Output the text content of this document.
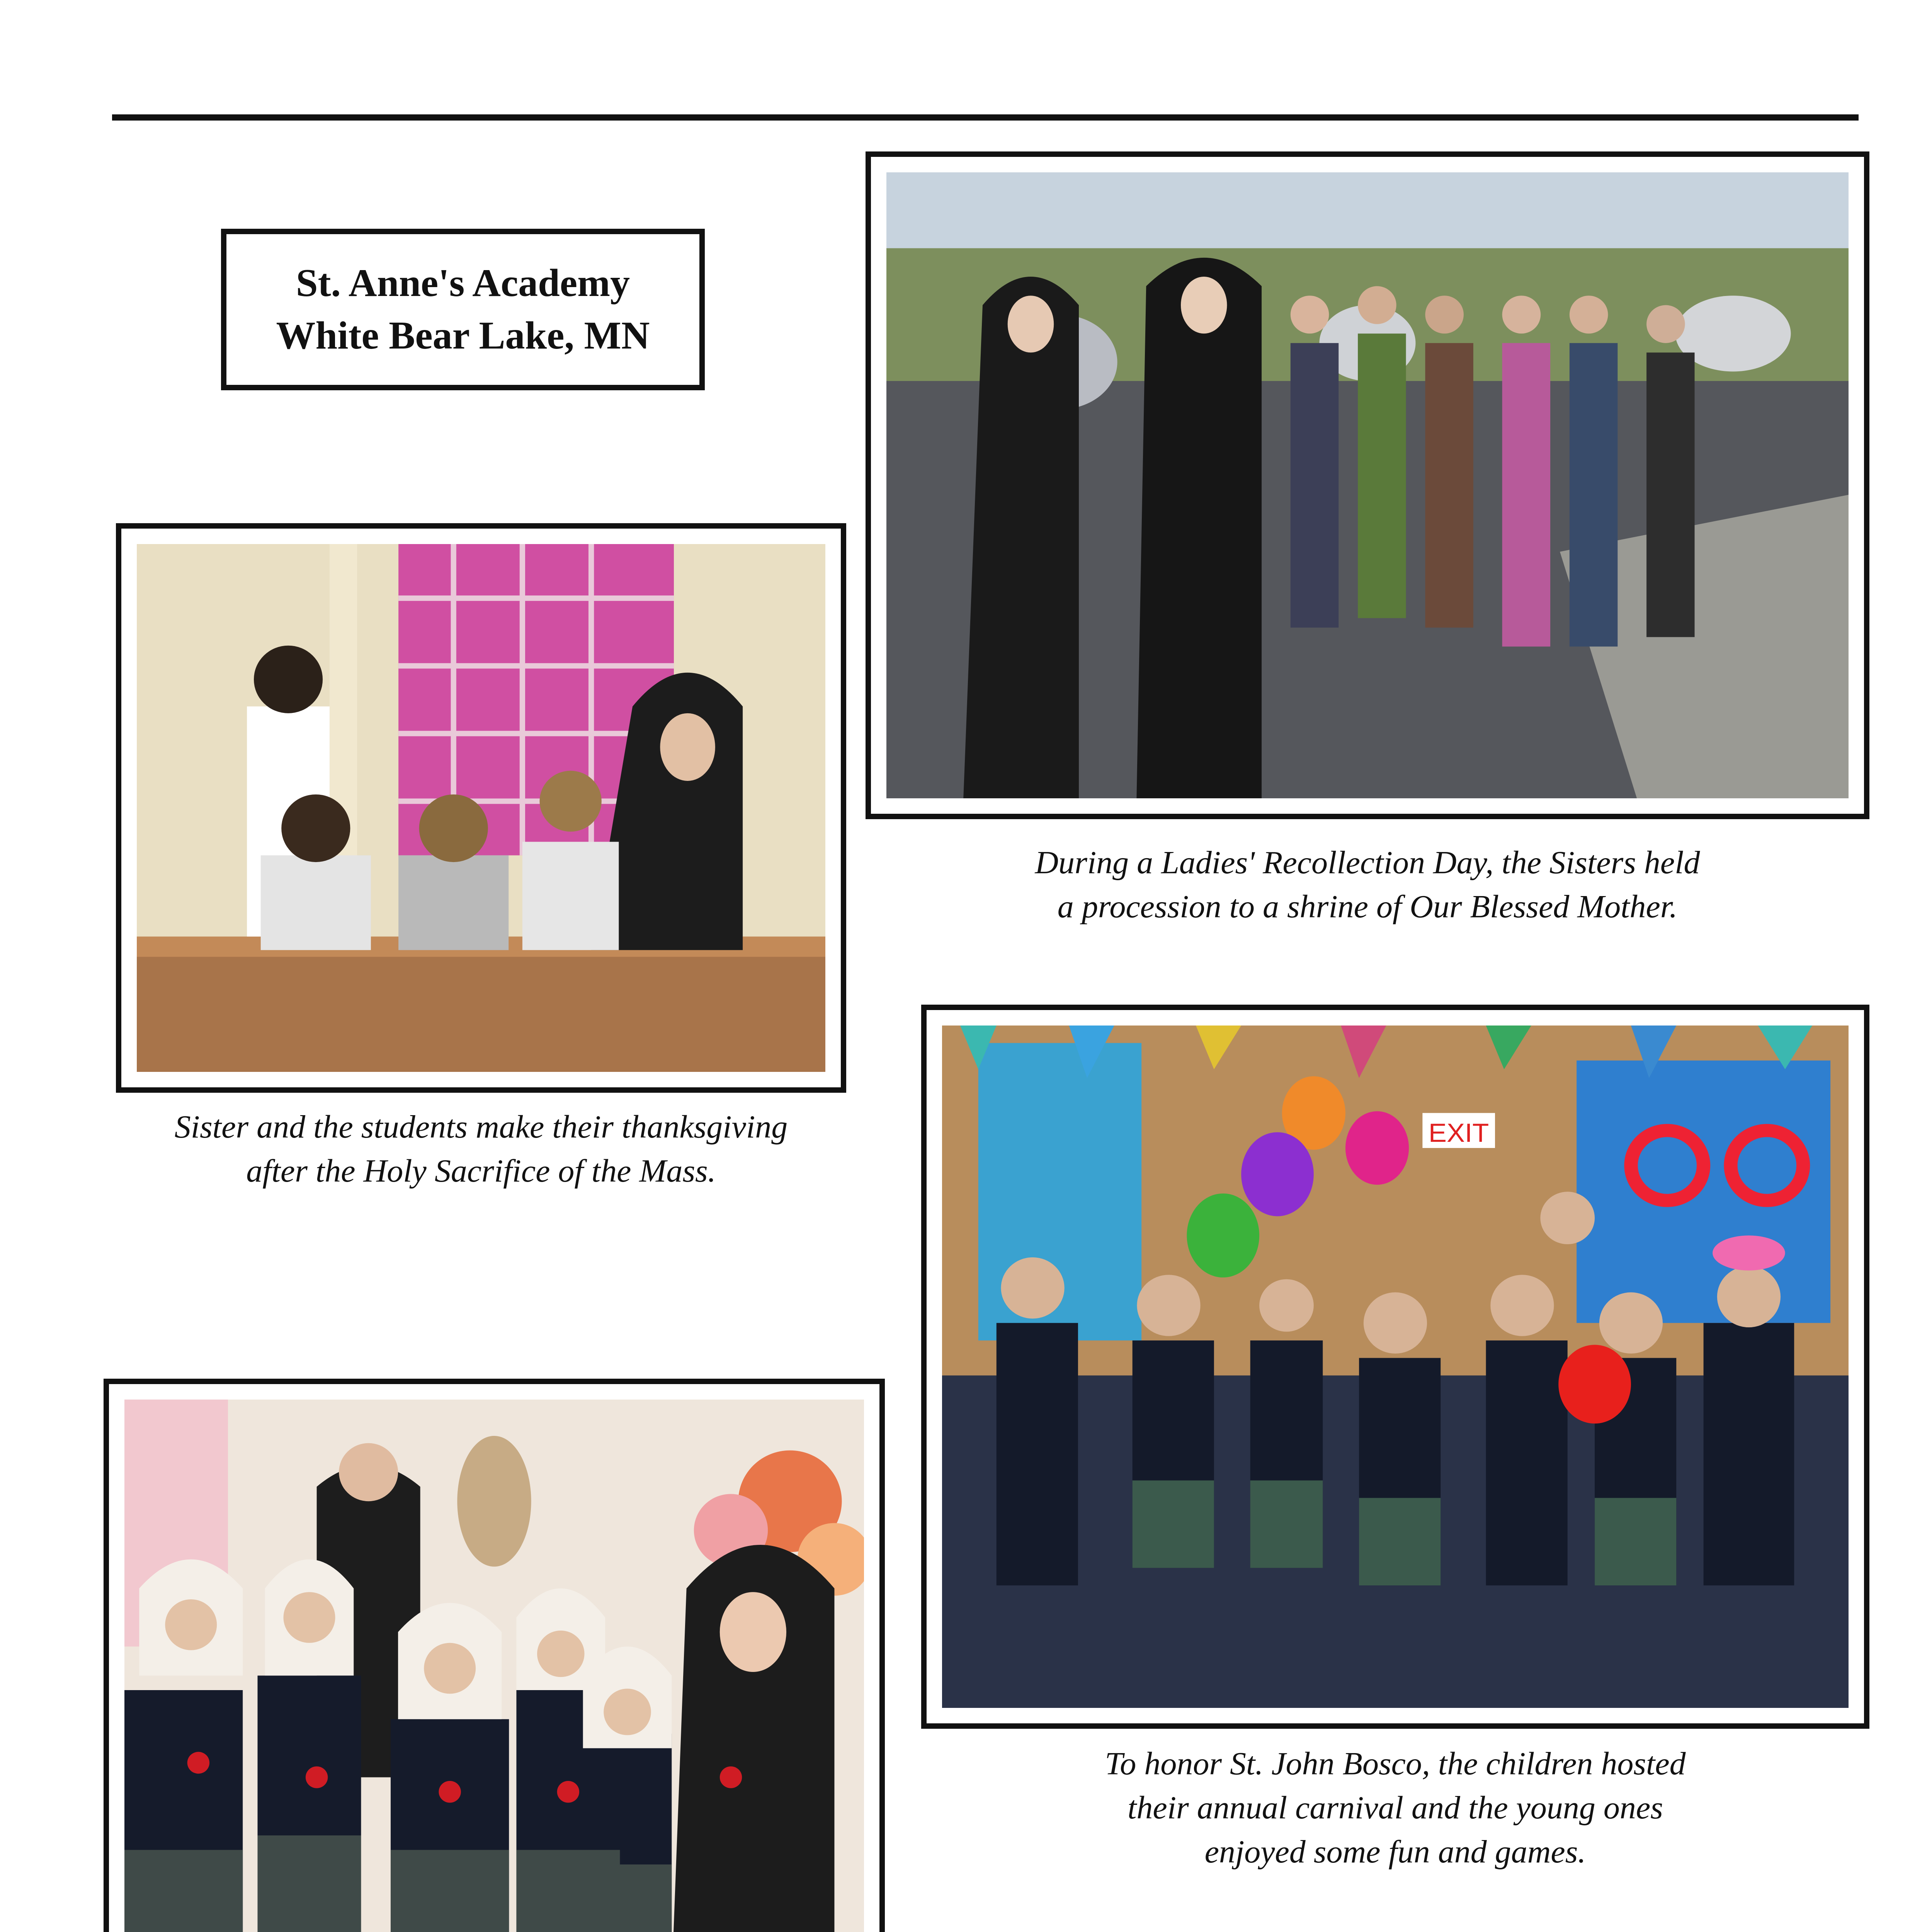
St. Anne's Academy
White Bear Lake, MN
During a Ladies' Recollection Day, the Sisters held
a procession to a shrine of Our Blessed Mother.
Sister and the students make their thanksgiving
after the Holy Sacrifice of the Mass.
EXIT
To honor St. John Bosco, the children hosted
their annual carnival and the young ones
enjoyed some fun and games.
